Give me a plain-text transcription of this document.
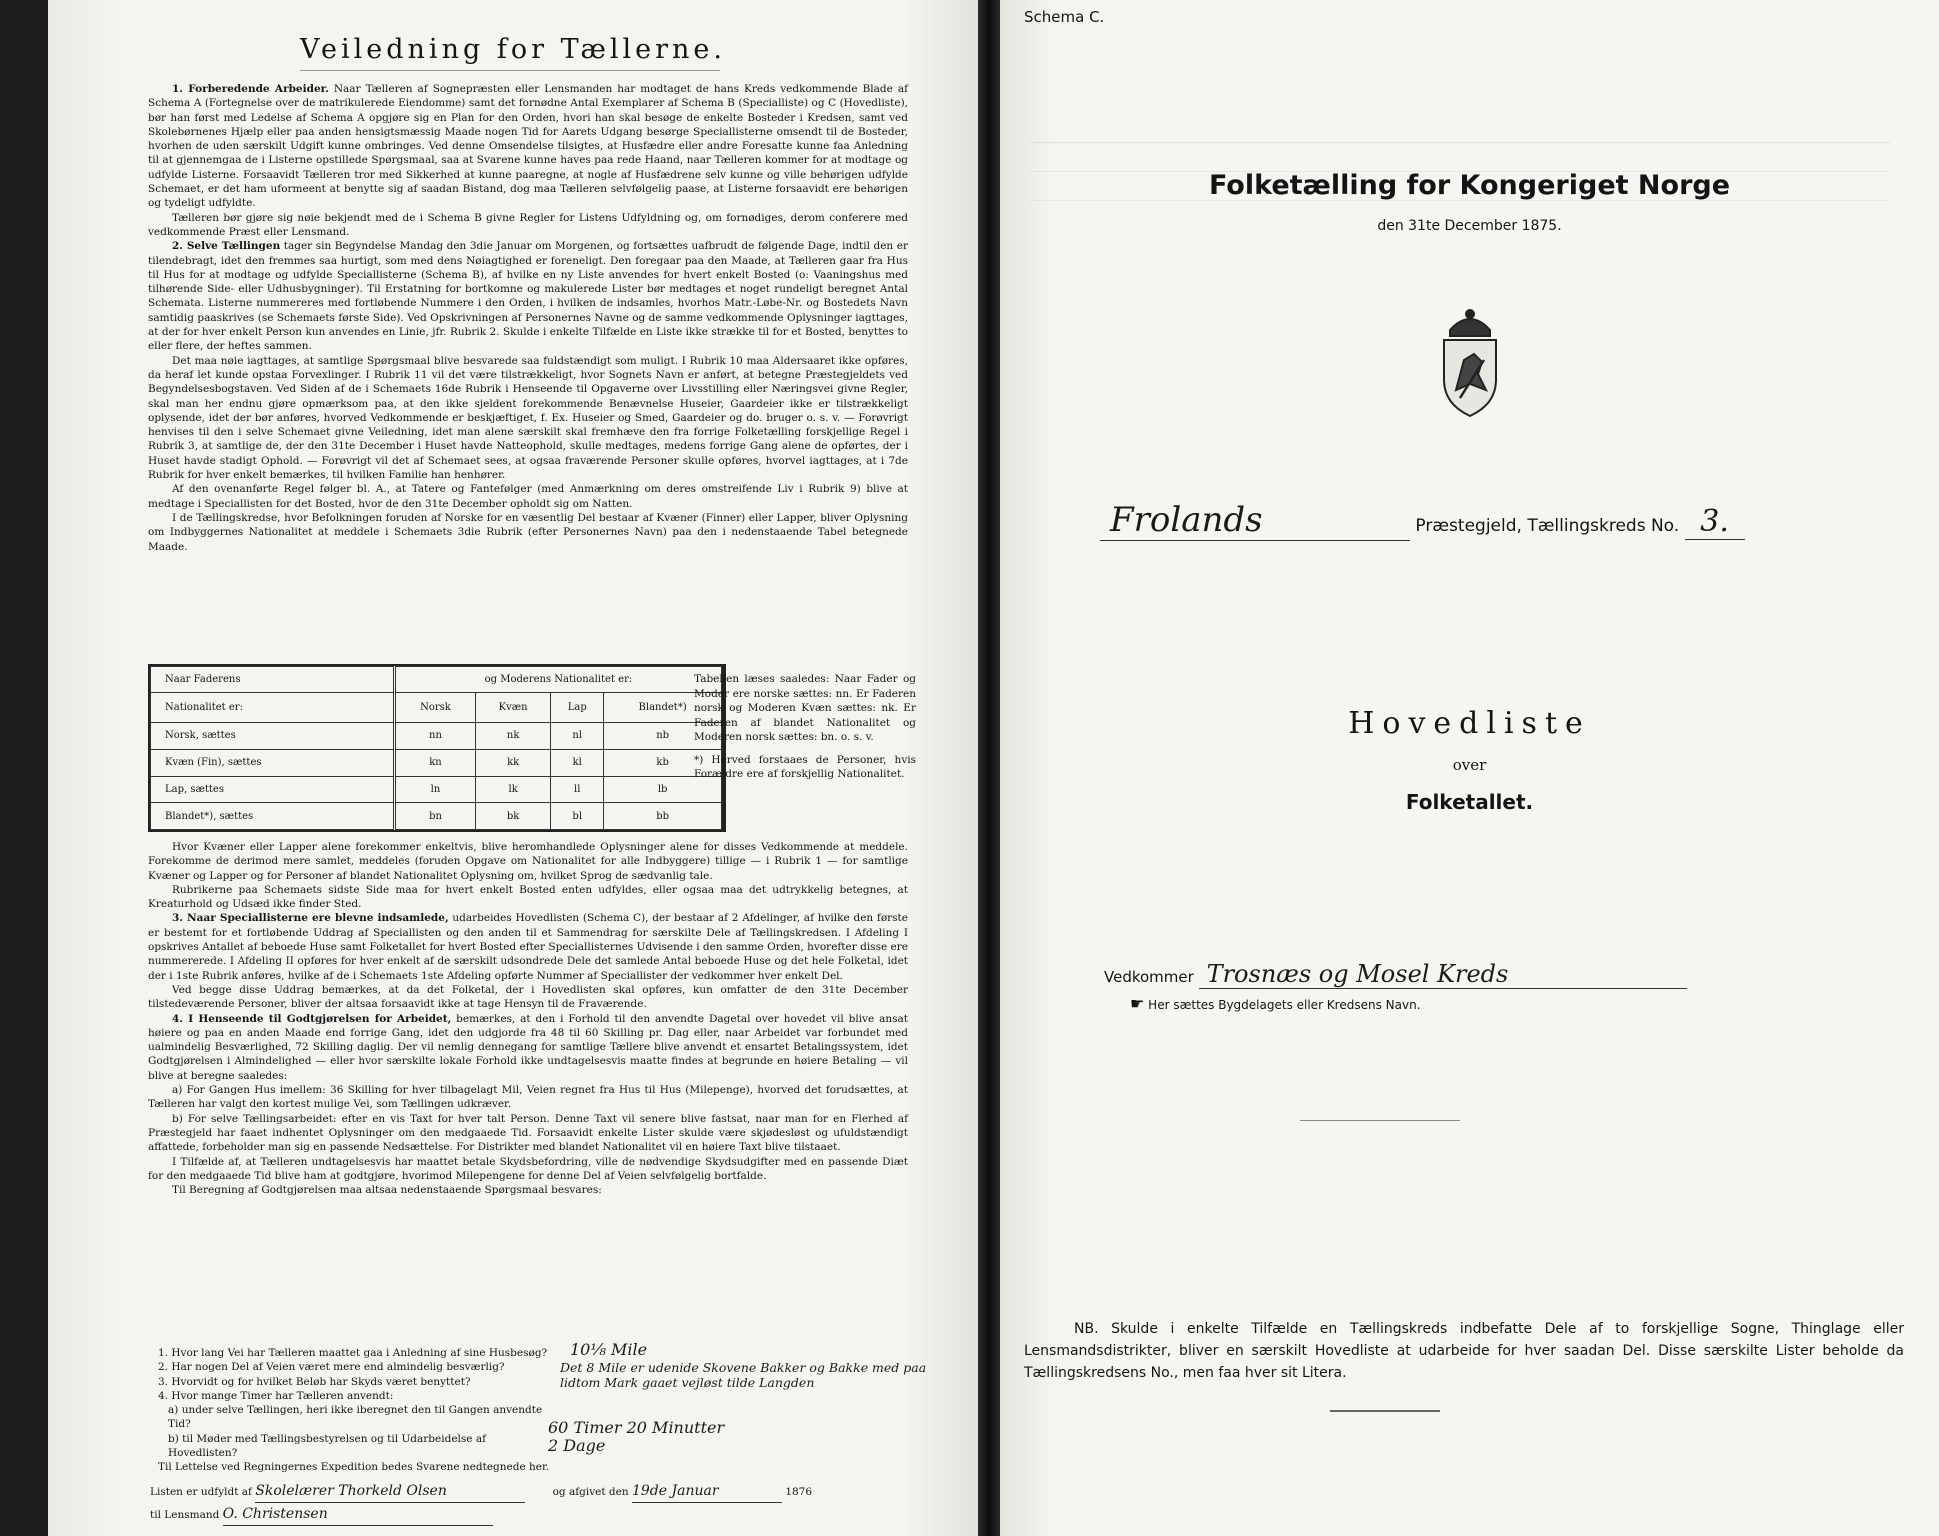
Veiledning for Tællerne.

1. Forberedende Arbeider. Naar Tælleren af Sognepræsten eller Lensmanden har modtaget de hans Kreds vedkommende Blade af Schema A (Fortegnelse over de matrikulerede Eiendomme) samt det fornødne Antal Exemplarer af Schema B (Specialliste) og C (Hovedliste), bør han først med Ledelse af Schema A opgjøre sig en Plan for den Orden, hvori han skal besøge de enkelte Bosteder i Kredsen, samt ved Skolebørnenes Hjælp eller paa anden hensigtsmæssig Maade nogen Tid for Aarets Udgang besørge Speciallisterne omsendt til de Bosteder, hvorhen de uden særskilt Udgift kunne ombringes. Ved denne Omsendelse tilsigtes, at Husfædre eller andre Foresatte kunne faa Anledning til at gjennemgaa de i Listerne opstillede Spørgsmaal, saa at Svarene kunne haves paa rede Haand, naar Tælleren kommer for at modtage og udfylde Listerne. Forsaavidt Tælleren tror med Sikkerhed at kunne paaregne, at nogle af Husfædrene selv kunne og ville behørigen udfylde Schemaet, er det ham uformeent at benytte sig af saadan Bistand, dog maa Tælleren selvfølgelig paase, at Listerne forsaavidt ere behørigen og tydeligt udfyldte.

Tælleren bør gjøre sig nøie bekjendt med de i Schema B givne Regler for Listens Udfyldning og, om fornødiges, derom conferere med vedkommende Præst eller Lensmand.

2. Selve Tællingen tager sin Begyndelse Mandag den 3die Januar om Morgenen, og fortsættes uafbrudt de følgende Dage, indtil den er tilendebragt, idet den fremmes saa hurtigt, som med dens Nøiagtighed er foreneligt. Den foregaar paa den Maade, at Tælleren gaar fra Hus til Hus for at modtage og udfylde Speciallisterne (Schema B), af hvilke en ny Liste anvendes for hvert enkelt Bosted (o: Vaaningshus med tilhørende Side- eller Udhusbygninger). Til Erstatning for bortkomne og makulerede Lister bør medtages et noget rundeligt beregnet Antal Schemata. Listerne nummereres med fortløbende Nummere i den Orden, i hvilken de indsamles, hvorhos Matr.-Løbe-Nr. og Bostedets Navn samtidig paaskrives (se Schemaets første Side). Ved Opskrivningen af Personernes Navne og de samme vedkommende Oplysninger iagttages, at der for hver enkelt Person kun anvendes en Linie, jfr. Rubrik 2. Skulde i enkelte Tilfælde en Liste ikke strække til for et Bosted, benyttes to eller flere, der heftes sammen.

Det maa nøie iagttages, at samtlige Spørgsmaal blive besvarede saa fuldstændigt som muligt. I Rubrik 10 maa Aldersaaret ikke opføres, da heraf let kunde opstaa Forvexlinger. I Rubrik 11 vil det være tilstrækkeligt, hvor Sognets Navn er anført, at betegne Præstegjeldets ved Begyndelsesbogstaven. Ved Siden af de i Schemaets 16de Rubrik i Henseende til Opgaverne over Livsstilling eller Næringsvei givne Regler, skal man her endnu gjøre opmærksom paa, at den ikke sjeldent forekommende Benævnelse Huseier, Gaardeier ikke er tilstrækkeligt oplysende, idet der bør anføres, hvorved Vedkommende er beskjæftiget, f. Ex. Huseier og Smed, Gaardeier og do. bruger o. s. v. — Forøvrigt henvises til den i selve Schemaet givne Veiledning, idet man alene særskilt skal fremhæve den fra forrige Folketælling forskjellige Regel i Rubrik 3, at samtlige de, der den 31te December i Huset havde Natteophold, skulle medtages, medens forrige Gang alene de opførtes, der i Huset havde stadigt Ophold. — Forøvrigt vil det af Schemaet sees, at ogsaa fraværende Personer skulle opføres, hvorvel iagttages, at i 7de Rubrik for hver enkelt bemærkes, til hvilken Familie han henhører.

Af den ovenanførte Regel følger bl. A., at Tatere og Fantefølger (med Anmærkning om deres omstreifende Liv i Rubrik 9) blive at medtage i Speciallisten for det Bosted, hvor de den 31te December opholdt sig om Natten.

I de Tællingskredse, hvor Befolkningen foruden af Norske for en væsentlig Del bestaar af Kvæner (Finner) eller Lapper, bliver Oplysning om Indbyggernes Nationalitet at meddele i Schemaets 3die Rubrik (efter Personernes Navn) paa den i nedenstaaende Tabel betegnede Maade.

Naar Faderens	og Moderens Nationalitet er:			
Nationalitet er:	Norsk	Kvæn	Lap	Blandet*)
Norsk, sættes	nn	nk	nl	nb
Kvæn (Fin), sættes	kn	kk	kl	kb
Lap, sættes	ln	lk	ll	lb
Blandet*), sættes	bn	bk	bl	bb

Tabellen læses saaledes: Naar Fader og Moder ere norske sættes: nn. Er Faderen norsk og Moderen Kvæn sættes: nk. Er Faderen af blandet Nationalitet og Moderen norsk sættes: bn. o. s. v.

*) Herved forstaaes de Personer, hvis Forældre ere af forskjellig Nationalitet.

Hvor Kvæner eller Lapper alene forekommer enkeltvis, blive heromhandlede Oplysninger alene for disses Vedkommende at meddele. Forekomme de derimod mere samlet, meddeles (foruden Opgave om Nationalitet for alle Indbyggere) tillige — i Rubrik 1 — for samtlige Kvæner og Lapper og for Personer af blandet Nationalitet Oplysning om, hvilket Sprog de sædvanlig tale.

Rubrikerne paa Schemaets sidste Side maa for hvert enkelt Bosted enten udfyldes, eller ogsaa maa det udtrykkelig betegnes, at Kreaturhold og Udsæd ikke finder Sted.

3. Naar Speciallisterne ere blevne indsamlede, udarbeides Hovedlisten (Schema C), der bestaar af 2 Afdelinger, af hvilke den første er bestemt for et fortløbende Uddrag af Speciallisten og den anden til et Sammendrag for særskilte Dele af Tællingskredsen. I Afdeling I opskrives Antallet af beboede Huse samt Folketallet for hvert Bosted efter Speciallisternes Udvisende i den samme Orden, hvorefter disse ere nummererede. I Afdeling II opføres for hver enkelt af de særskilt udsondrede Dele det samlede Antal beboede Huse og det hele Folketal, idet der i 1ste Rubrik anføres, hvilke af de i Schemaets 1ste Afdeling opførte Nummer af Speciallister der vedkommer hver enkelt Del.

Ved begge disse Uddrag bemærkes, at da det Folketal, der i Hovedlisten skal opføres, kun omfatter de den 31te December tilstedeværende Personer, bliver der altsaa forsaavidt ikke at tage Hensyn til de Fraværende.

4. I Henseende til Godtgjørelsen for Arbeidet, bemærkes, at den i Forhold til den anvendte Dagetal over hovedet vil blive ansat høiere og paa en anden Maade end forrige Gang, idet den udgjorde fra 48 til 60 Skilling pr. Dag eller, naar Arbeidet var forbundet med ualmindelig Besværlighed, 72 Skilling daglig. Der vil nemlig dennegang for samtlige Tællere blive anvendt et ensartet Betalingssystem, idet Godtgjørelsen i Almindelighed — eller hvor særskilte lokale Forhold ikke undtagelsesvis maatte findes at begrunde en høiere Betaling — vil blive at beregne saaledes:

a) For Gangen Hus imellem: 36 Skilling for hver tilbagelagt Mil, Veien regnet fra Hus til Hus (Milepenge), hvorved det forudsættes, at Tælleren har valgt den kortest mulige Vei, som Tællingen udkræver.

b) For selve Tællingsarbeidet: efter en vis Taxt for hver talt Person. Denne Taxt vil senere blive fastsat, naar man for en Flerhed af Præstegjeld har faaet indhentet Oplysninger om den medgaaede Tid. Forsaavidt enkelte Lister skulde være skjødesløst og ufuldstændigt affattede, forbeholder man sig en passende Nedsættelse. For Distrikter med blandet Nationalitet vil en høiere Taxt blive tilstaaet.

I Tilfælde af, at Tælleren undtagelsesvis har maattet betale Skydsbefordring, ville de nødvendige Skydsudgifter med en passende Diæt for den medgaaede Tid blive ham at godtgjøre, hvorimod Milepengene for denne Del af Veien selvfølgelig bortfalde.

Til Beregning af Godtgjørelsen maa altsaa nedenstaaende Spørgsmaal besvares:

1. Hvor lang Vei har Tælleren maattet gaa i Anledning af sine Husbesøg?
2. Har nogen Del af Veien været mere end almindelig besværlig?
3. Hvorvidt og for hvilket Beløb har Skyds været benyttet?
4. Hvor mange Timer har Tælleren anvendt:
a) under selve Tællingen, heri ikke iberegnet den til Gangen anvendte Tid?
b) til Møder med Tællingsbestyrelsen og til Udarbeidelse af Hovedlisten?
Til Lettelse ved Regningernes Expedition bedes Svarene nedtegnede her.
10⅛ Mile
Det 8 Mile er udenide Skovene Bakker og Bakke med paa lidtom Mark gaaet vejløst tilde Langden
60 Timer 20 Minutter
2 Dage
Listen er udfyldt af Skolelærer Thorkeld Olsen	og afgivet den 19de Januar	1876
til Lensmand O. Christensen
Schema C.
Folketælling for Kongeriget Norge
den 31te December 1875.
Frolands	Præstegjeld, Tællingskreds No. 3.
Hovedliste
over
Folketallet.
Vedkommer Trosnæs og Mosel Kreds
☛ Her sættes Bygdelagets eller Kredsens Navn.

NB. Skulde i enkelte Tilfælde en Tællingskreds indbefatte Dele af to forskjellige Sogne, Thinglage eller Lensmandsdistrikter, bliver en særskilt Hovedliste at udarbeide for hver saadan Del. Disse særskilte Lister beholde da Tællingskredsens No., men faa hver sit Litera.
